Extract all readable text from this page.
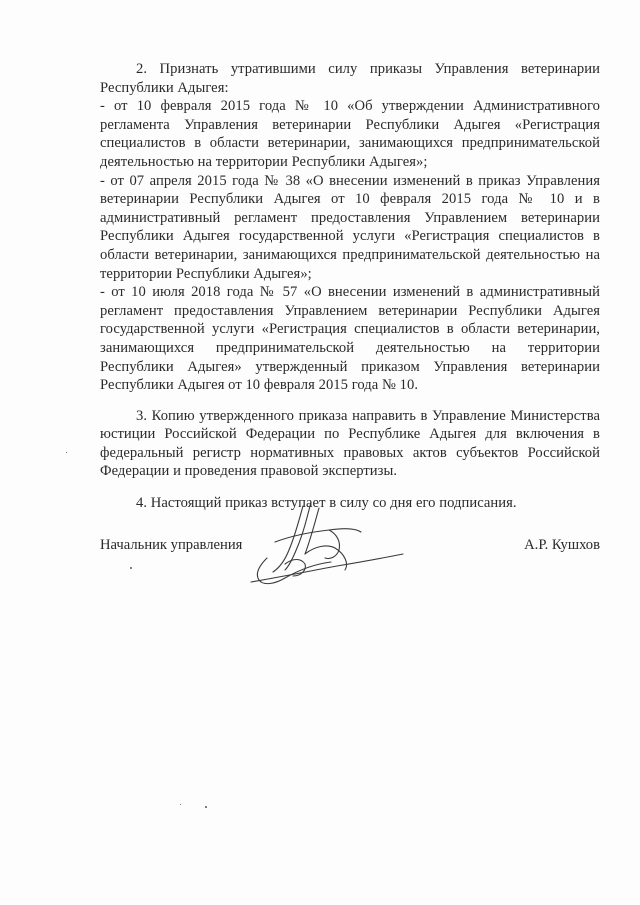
2. Признать утратившими силу приказы Управления ветеринарии Республики Адыгея:

- от 10 февраля 2015 года № 10 «Об утверждении Административного регламента Управления ветеринарии Республики Адыгея «Регистрация специалистов в области ветеринарии, занимающихся предпринимательской деятельностью на территории Республики Адыгея»;

- от 07 апреля 2015 года № 38 «О внесении изменений в приказ Управления ветеринарии Республики Адыгея от 10 февраля 2015 года № 10 и в административный регламент предоставления Управлением ветеринарии Республики Адыгея государственной услуги «Регистрация специалистов в области ветеринарии, занимающихся предпринимательской деятельностью на территории Республики Адыгея»;

- от 10 июля 2018 года № 57 «О внесении изменений в административный регламент предоставления Управлением ветеринарии Республики Адыгея государственной услуги «Регистрация специалистов в области ветеринарии, занимающихся предпринимательской деятельностью на территории Республики Адыгея» утвержденный приказом Управления ветеринарии Республики Адыгея от 10 февраля 2015 года № 10.

3. Копию утвержденного приказа направить в Управление Министерства юстиции Российской Федерации по Республике Адыгея для включения в федеральный регистр нормативных правовых актов субъектов Российской Федерации и проведения правовой экспертизы.

4. Настоящий приказ вступает в силу со дня его подписания.

Начальник управления	А.Р. Кушхов
